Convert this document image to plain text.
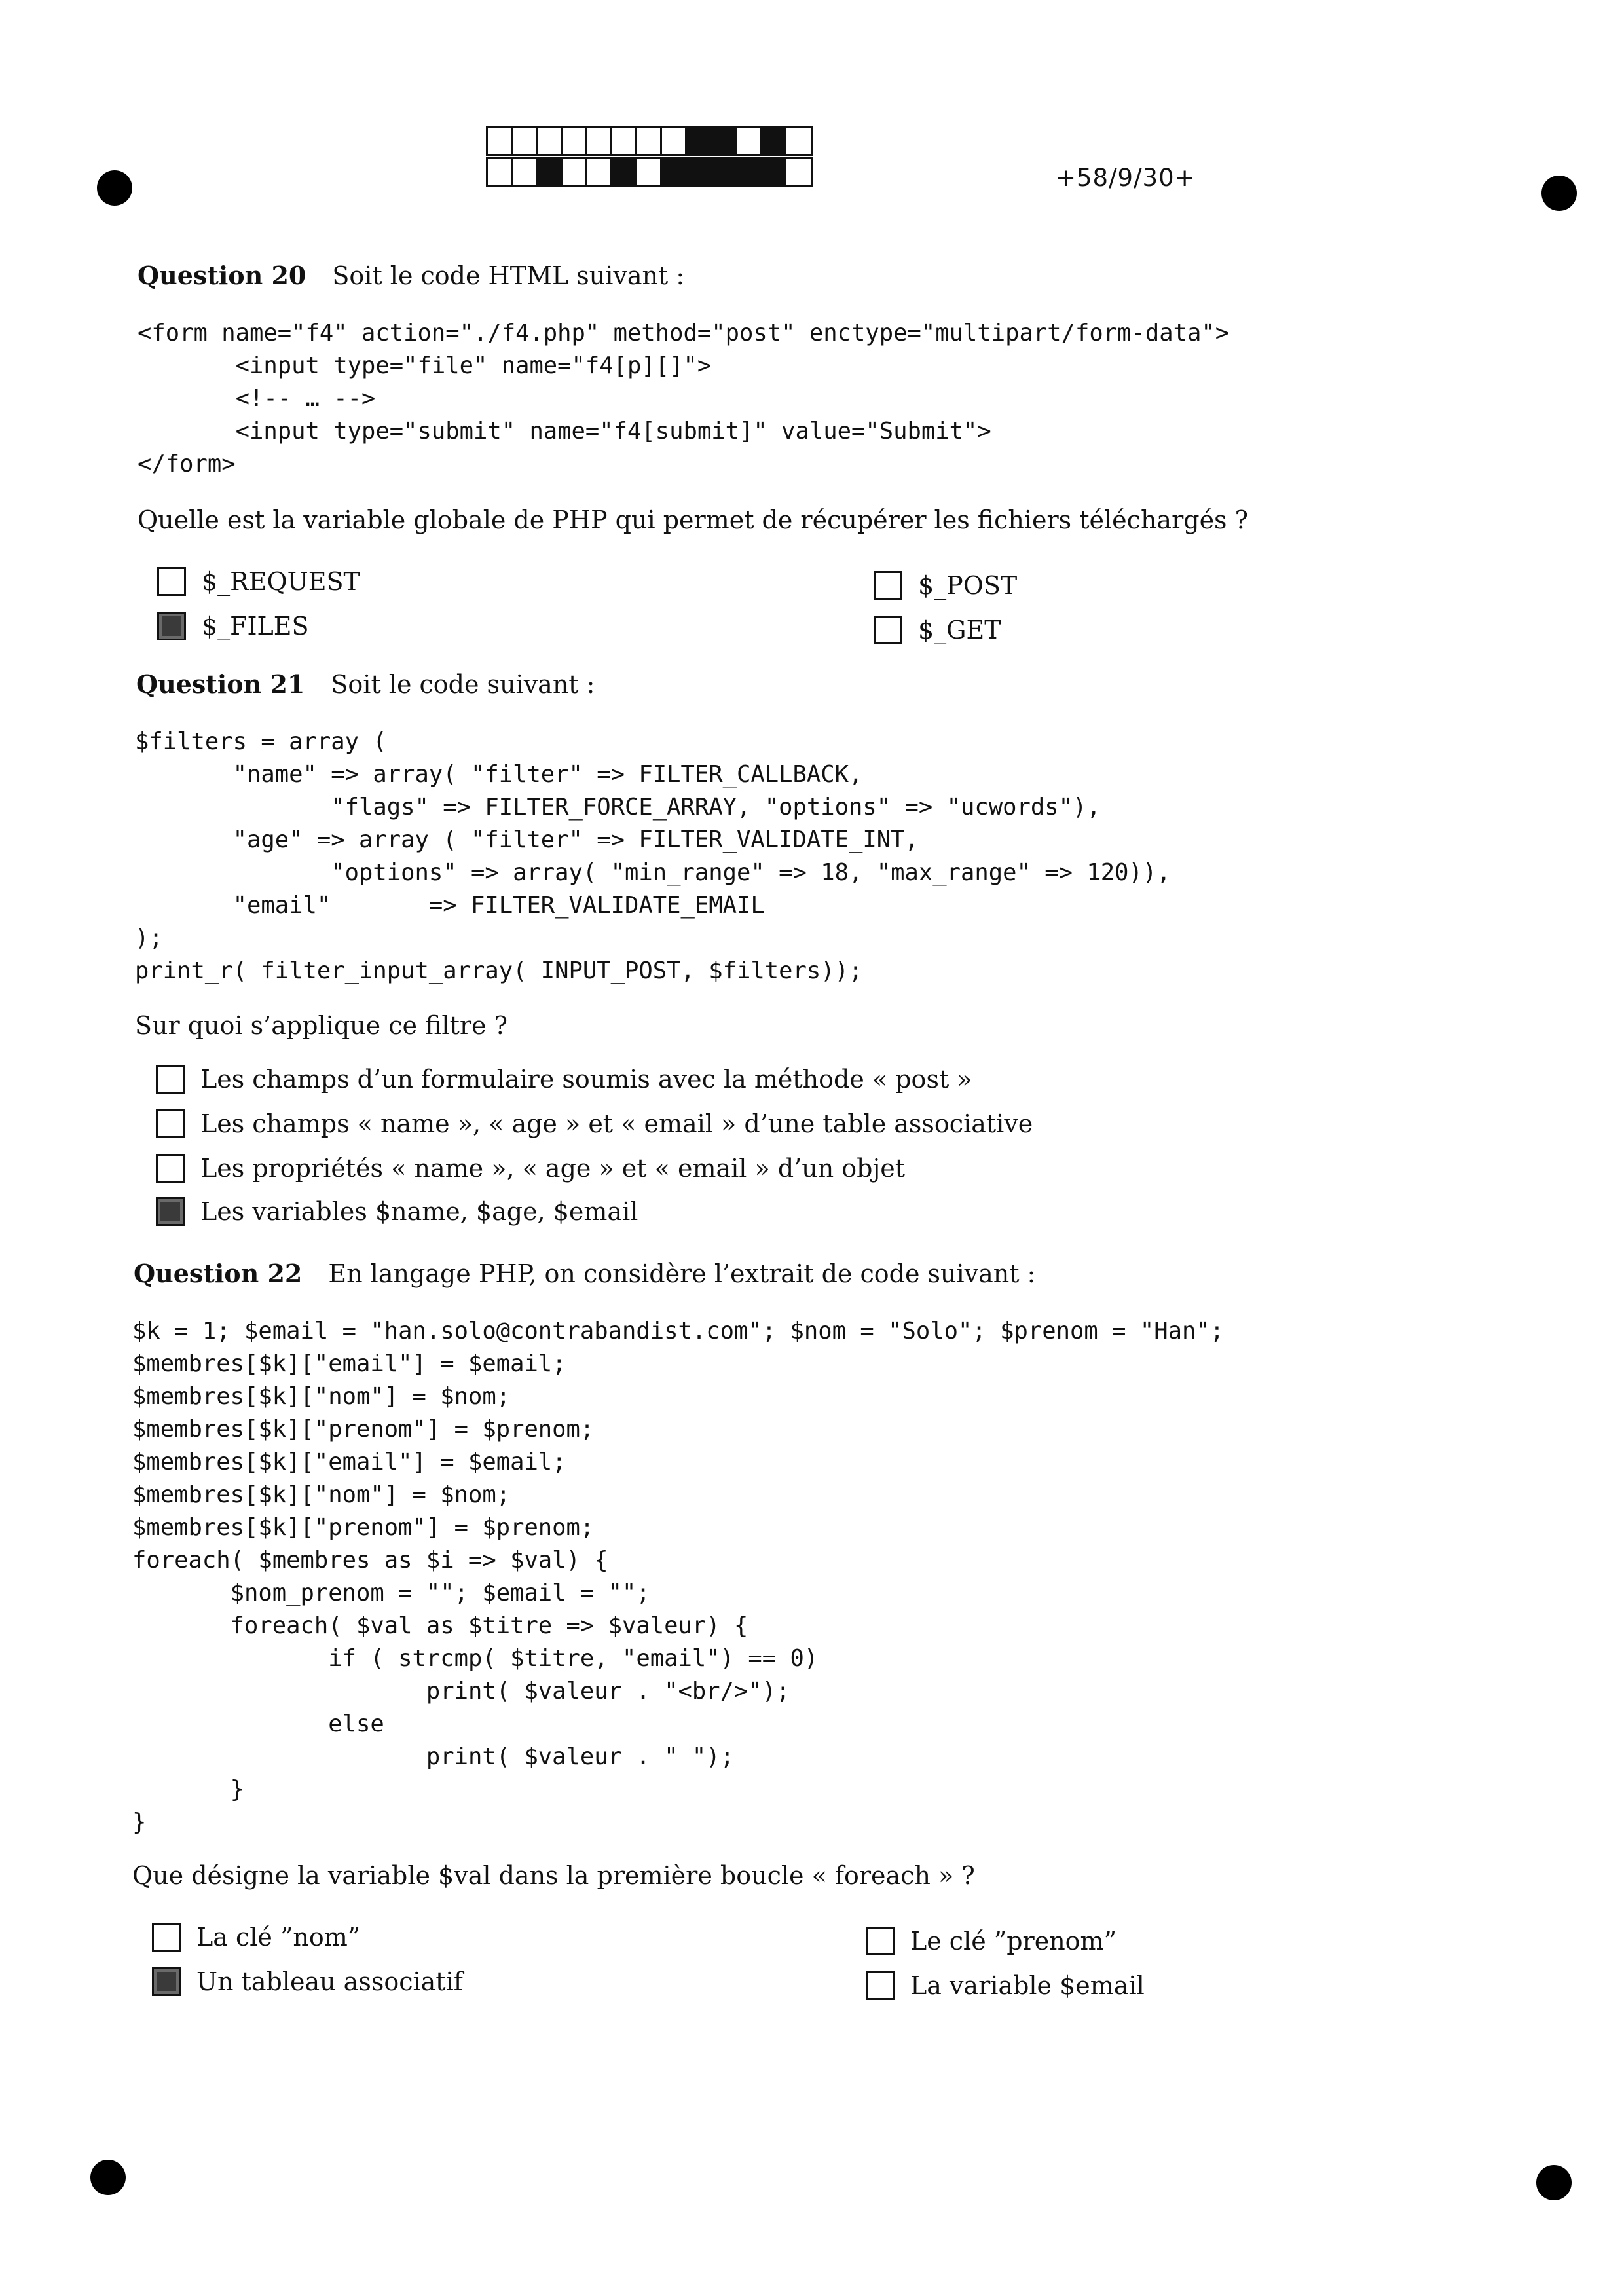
+58/9/30+
Question 20 Soit le code HTML suivant :
<form name="f4" action="./f4.php" method="post" enctype="multipart/form-data">
<input type="file" name="f4[p][]">
<!-- … -->
<input type="submit" name="f4[submit]" value="Submit">
</form>
Quelle est la variable globale de PHP qui permet de récupérer les fichiers téléchargés ?
$_REQUEST
$_FILES
$_POST
$_GET
Question 21 Soit le code suivant :
$filters = array (
"name" => array( "filter" => FILTER_CALLBACK,
"flags" => FILTER_FORCE_ARRAY, "options" => "ucwords"),
"age" => array ( "filter" => FILTER_VALIDATE_INT,
"options" => array( "min_range" => 18, "max_range" => 120)),
"email"       => FILTER_VALIDATE_EMAIL
);
print_r( filter_input_array( INPUT_POST, $filters));
Sur quoi s’applique ce filtre ?
Les champs d’un formulaire soumis avec la méthode « post »
Les champs « name », « age » et « email » d’une table associative
Les propriétés « name », « age » et « email » d’un objet
Les variables $name, $age, $email
Question 22 En langage PHP, on considère l’extrait de code suivant :
$k = 1; $email = "han.solo@contrabandist.com"; $nom = "Solo"; $prenom = "Han";
$membres[$k]["email"] = $email;
$membres[$k]["nom"] = $nom;
$membres[$k]["prenom"] = $prenom;
$membres[$k]["email"] = $email;
$membres[$k]["nom"] = $nom;
$membres[$k]["prenom"] = $prenom;
foreach( $membres as $i => $val) {
$nom_prenom = ""; $email = "";
foreach( $val as $titre => $valeur) {
if ( strcmp( $titre, "email") == 0)
print( $valeur . "<br/>");
else
print( $valeur . " ");
}
}
Que désigne la variable $val dans la première boucle « foreach » ?
La clé ”nom”
Un tableau associatif
Le clé ”prenom”
La variable $email
